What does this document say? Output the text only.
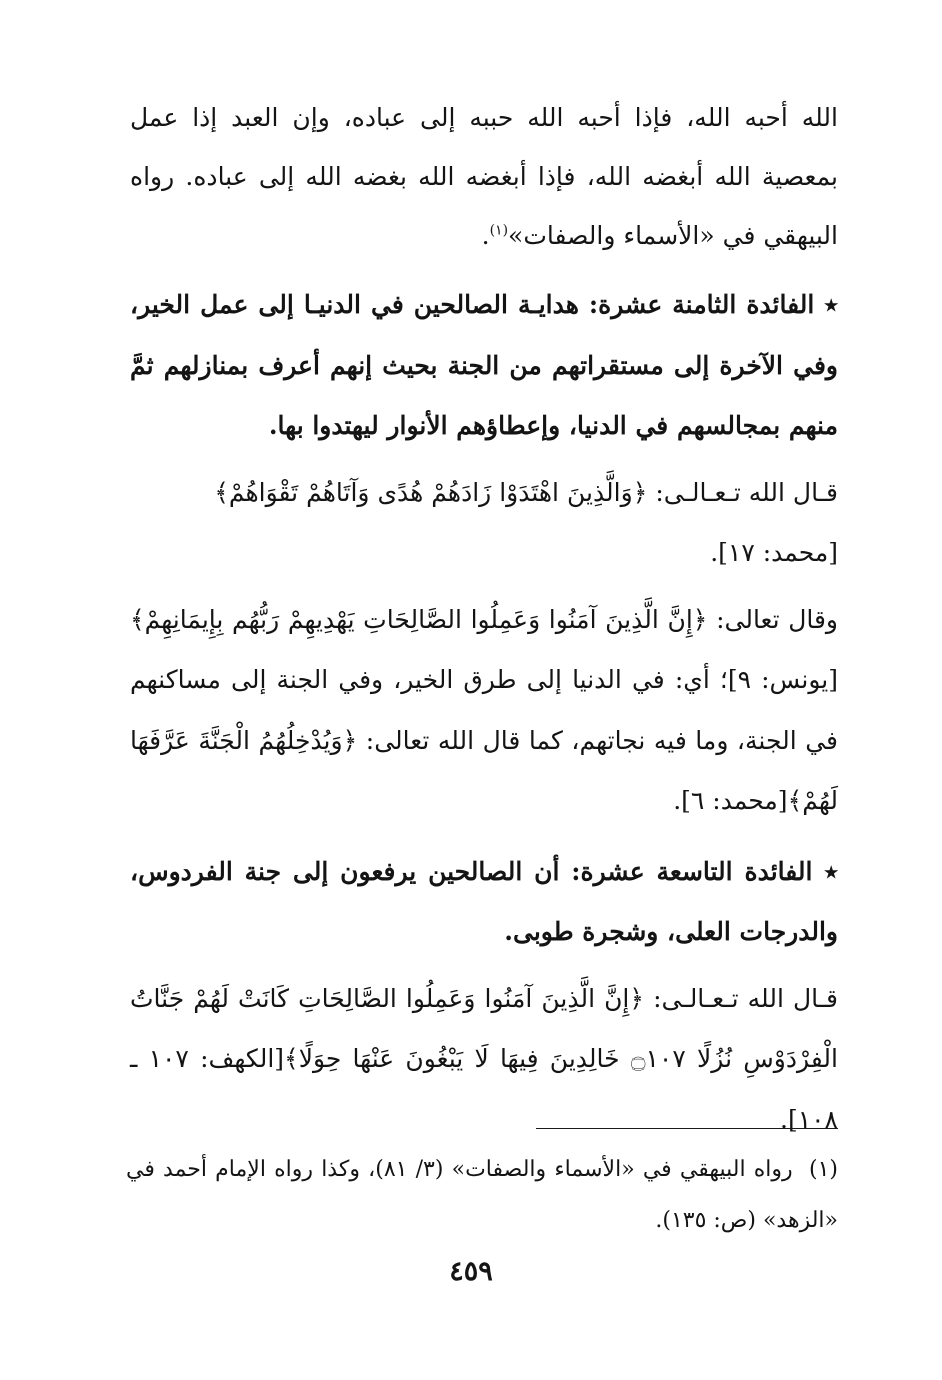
الله أحبه الله، فإذا أحبه الله حببه إلى عباده، وإن العبد إذا عمل بمعصية الله أبغضه الله، فإذا أبغضه الله بغضه الله إلى عباده. رواه البيهقي في «الأسماء والصفات»$^{(١)}$.

٭ الفائدة الثامنة عشرة: هدايـة الصالحين في الدنيـا إلى عمل الخير، وفي الآخرة إلى مستقراتهم من الجنة بحيث إنهم أعرف بمنازلهم ثمَّ منهم بمجالسهم في الدنيا، وإعطاؤهم الأنوار ليهتدوا بها.

قـال الله تـعـالـى: ﴿وَالَّذِينَ اهْتَدَوْا زَادَهُمْ هُدًى وَآتَاهُمْ تَقْوَاهُمْ﴾
[محمد: ١٧].

وقال تعالى: ﴿إِنَّ الَّذِينَ آمَنُوا وَعَمِلُوا الصَّالِحَاتِ يَهْدِيهِمْ رَبُّهُم بِإِيمَانِهِمْ﴾[يونس: ٩]؛ أي: في الدنيا إلى طرق الخير، وفي الجنة إلى مساكنهم في الجنة، وما فيه نجاتهم، كما قال الله تعالى: ﴿وَيُدْخِلُهُمُ الْجَنَّةَ عَرَّفَهَا لَهُمْ﴾[محمد: ٦].

٭ الفائدة التاسعة عشرة: أن الصالحين يرفعون إلى جنة الفردوس، والدرجات العلى، وشجرة طوبى.

قـال الله تـعـالـى: ﴿إِنَّ الَّذِينَ آمَنُوا وَعَمِلُوا الصَّالِحَاتِ كَانَتْ لَهُمْ جَنَّاتُ الْفِرْدَوْسِ نُزُلًا ۝١٠٧ خَالِدِينَ فِيهَا لَا يَبْغُونَ عَنْهَا حِوَلًا﴾[الكهف: ١٠٧ ـ ١٠٨].

(١)  رواه البيهقي في «الأسماء والصفات» (٣/ ٨١)، وكذا رواه الإمام أحمد في «الزهد» (ص: ١٣٥).

٤٥٩
